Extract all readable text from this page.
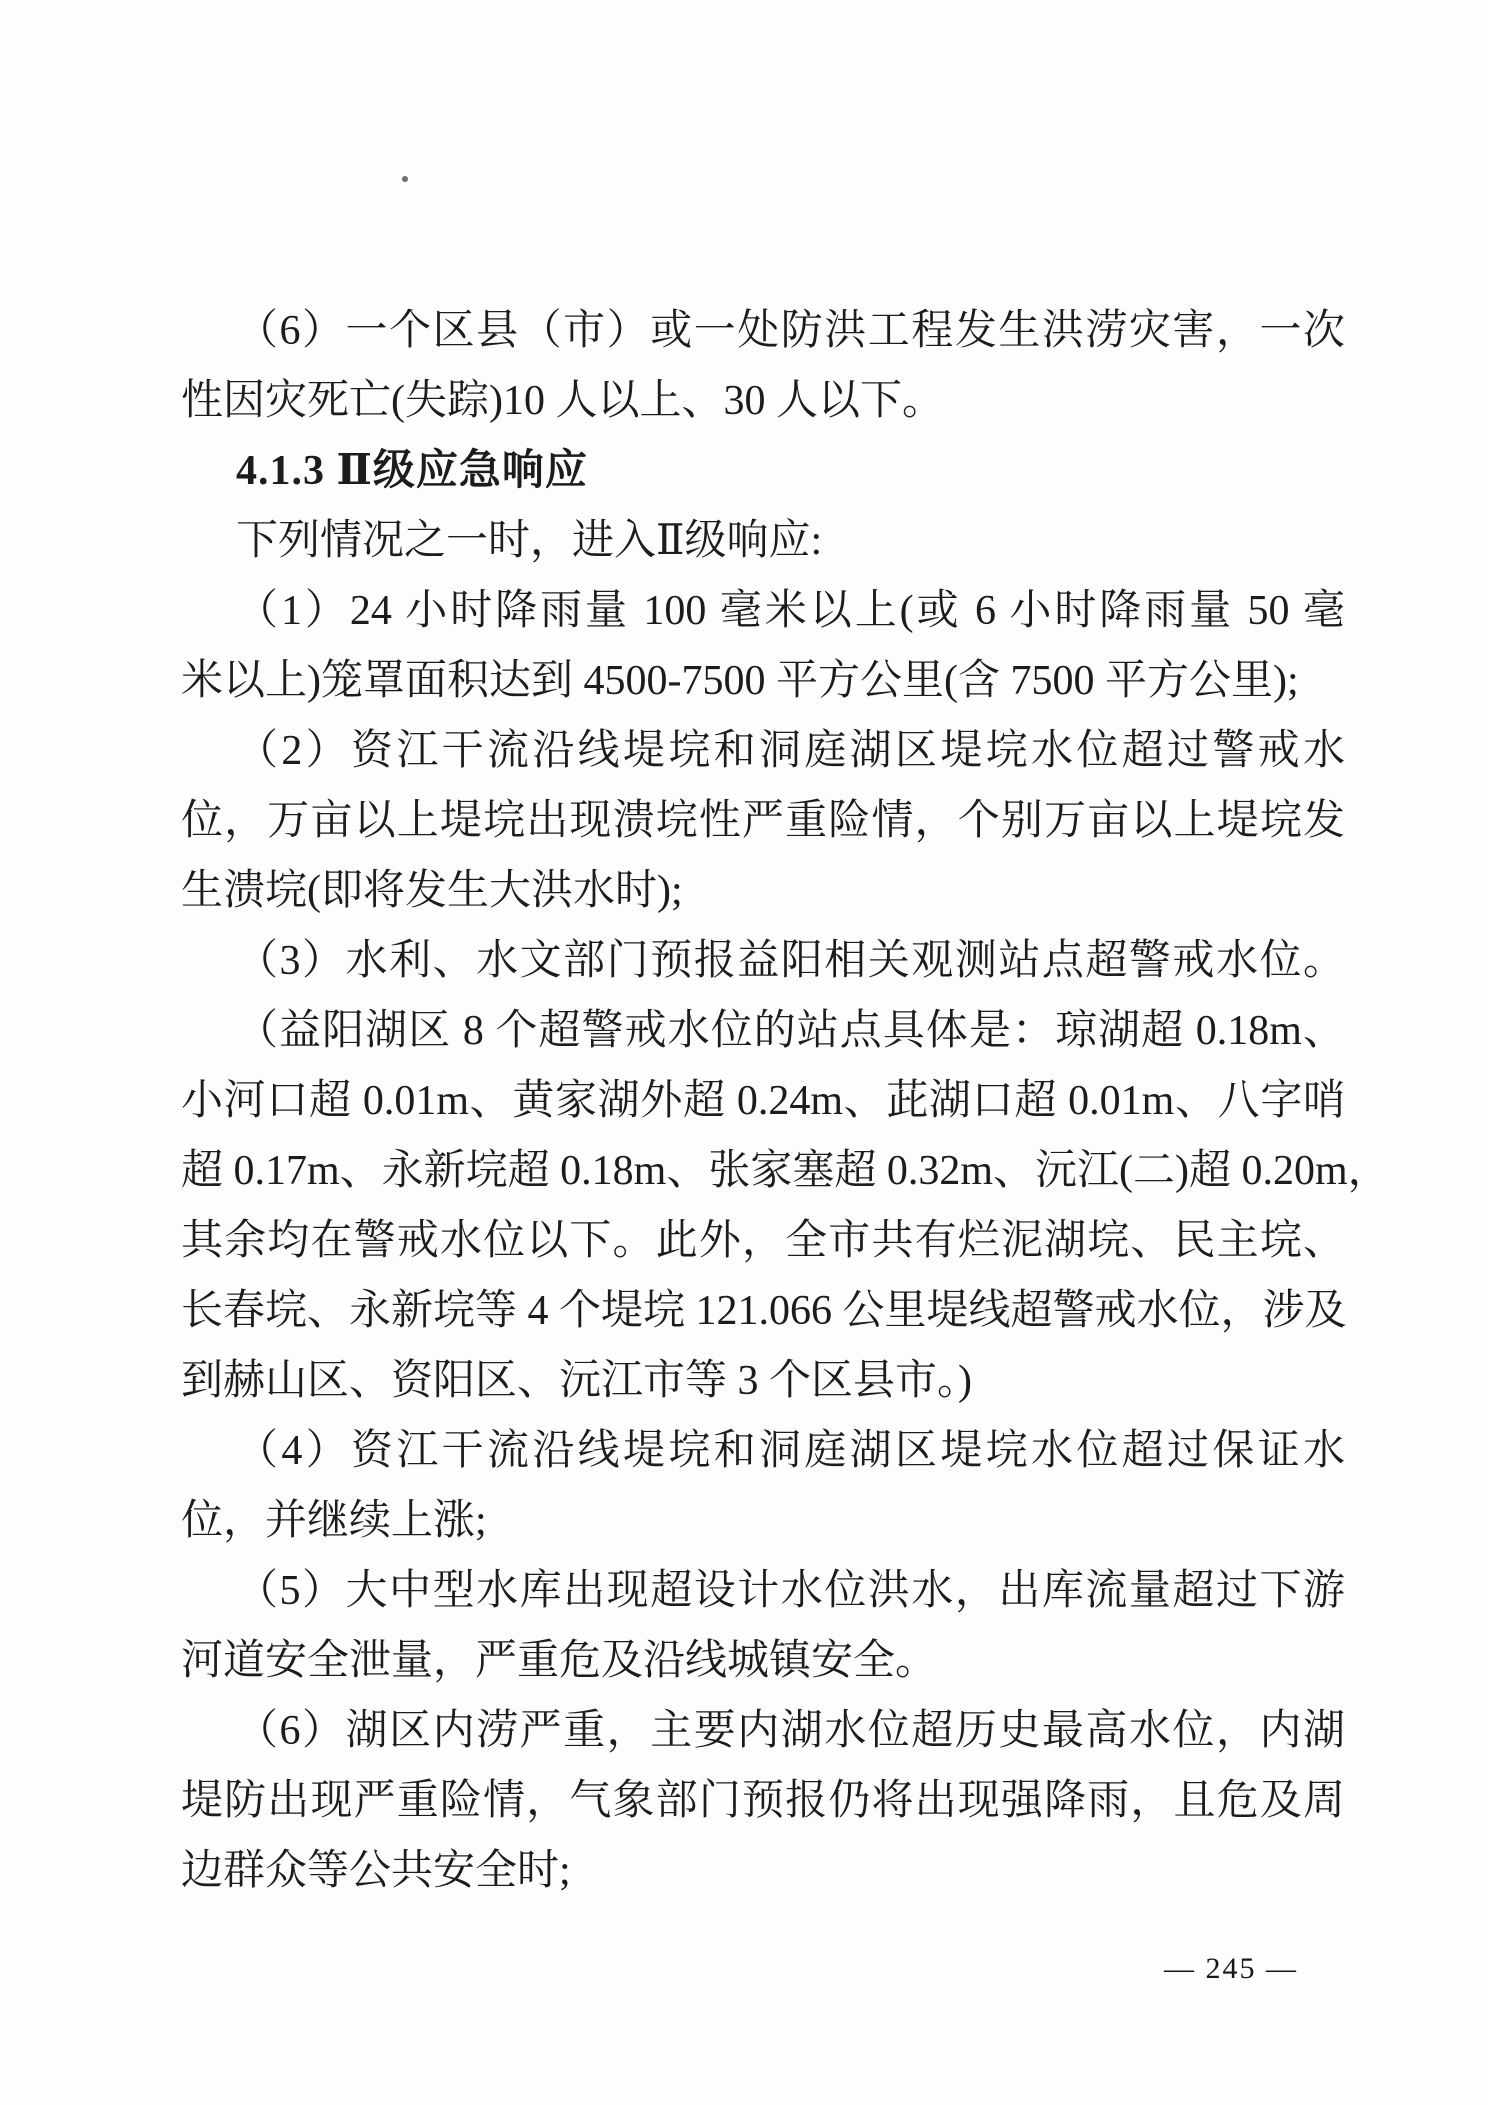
（6）一个区县（市）或一处防洪工程发生洪涝灾害，一次
性因灾死亡(失踪)10 人以上、30 人以下。
4.1.3 Ⅱ级应急响应
下列情况之一时，进入Ⅱ级响应:
（1）24 小时降雨量 100 毫米以上(或 6 小时降雨量 50 毫
米以上)笼罩面积达到 4500-7500 平方公里(含 7500 平方公里);
（2）资江干流沿线堤垸和洞庭湖区堤垸水位超过警戒水
位，万亩以上堤垸出现溃垸性严重险情，个别万亩以上堤垸发
生溃垸(即将发生大洪水时);
（3）水利、水文部门预报益阳相关观测站点超警戒水位。
（益阳湖区 8 个超警戒水位的站点具体是：琼湖超 0.18m、
小河口超 0.01m、黄家湖外超 0.24m、茈湖口超 0.01m、八字哨
超 0.17m、永新垸超 0.18m、张家塞超 0.32m、沅江(二)超 0.20m，
其余均在警戒水位以下。此外，全市共有烂泥湖垸、民主垸、
长春垸、永新垸等 4 个堤垸 121.066 公里堤线超警戒水位，涉及
到赫山区、资阳区、沅江市等 3 个区县市。)
（4）资江干流沿线堤垸和洞庭湖区堤垸水位超过保证水
位，并继续上涨;
（5）大中型水库出现超设计水位洪水，出库流量超过下游
河道安全泄量，严重危及沿线城镇安全。
（6）湖区内涝严重，主要内湖水位超历史最高水位，内湖
堤防出现严重险情，气象部门预报仍将出现强降雨，且危及周
边群众等公共安全时;
— 245 —
